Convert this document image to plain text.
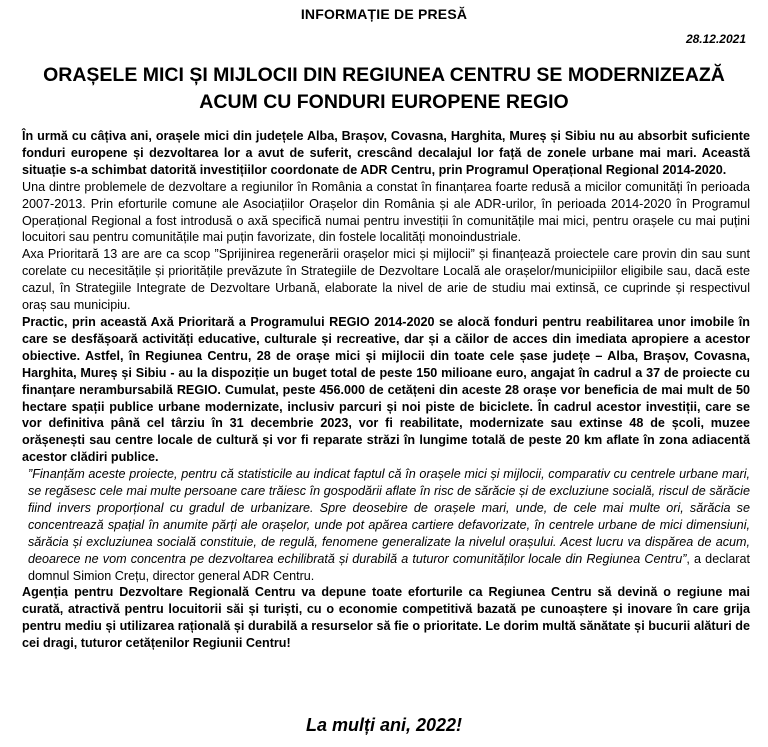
INFORMAȚIE DE PRESĂ
28.12.2021
ORAȘELE MICI ȘI MIJLOCII DIN REGIUNEA CENTRU SE MODERNIZEAZĂ
ACUM CU FONDURI EUROPENE REGIO

În urmă cu câțiva ani, orașele mici din județele Alba, Brașov, Covasna, Harghita, Mureș și Sibiu nu au absorbit suficiente fonduri europene și dezvoltarea lor a avut de suferit, crescând decalajul lor față de zonele urbane mai mari. Această situație s-a schimbat datorită investițiilor coordonate de ADR Centru, prin Programul Operațional Regional 2014-2020.

Una dintre problemele de dezvoltare a regiunilor în România a constat în finanțarea foarte redusă a micilor comunități în perioada 2007-2013. Prin eforturile comune ale Asociațiilor Orașelor din România și ale ADR-urilor, în perioada 2014-2020 în Programul Operațional Regional a fost introdusă o axă specifică numai pentru investiții în comunitățile mai mici, pentru orașele cu mai puțini locuitori sau pentru comunitățile mai puțin favorizate, din fostele localități monoindustriale.

Axa Prioritară 13 are are ca scop ”Sprijinirea regenerării orașelor mici și mijlocii” și finanțează proiectele care provin din sau sunt corelate cu necesitățile și prioritățile prevăzute în Strategiile de Dezvoltare Locală ale orașelor/municipiilor eligibile sau, dacă este cazul, în Strategiile Integrate de Dezvoltare Urbană, elaborate la nivel de arie de studiu mai extinsă, ce cuprinde și respectivul oraș sau municipiu.

Practic, prin această Axă Prioritară a Programului REGIO 2014-2020 se alocă fonduri pentru reabilitarea unor imobile în care se desfășoară activități educative, culturale și recreative, dar și a căilor de acces din imediata apropiere a acestor obiective. Astfel, în Regiunea Centru, 28 de orașe mici și mijlocii din toate cele șase județe – Alba, Brașov, Covasna, Harghita, Mureș și Sibiu - au la dispoziție un buget total de peste 150 milioane euro, angajat în cadrul a 37 de proiecte cu finanțare nerambursabilă REGIO. Cumulat, peste 456.000 de cetățeni din aceste 28 orașe vor beneficia de mai mult de 50 hectare spații publice urbane modernizate, inclusiv parcuri și noi piste de biciclete. În cadrul acestor investiții, care se vor definitiva până cel târziu în 31 decembrie 2023, vor fi reabilitate, modernizate sau extinse 48 de școli, muzee orășenești sau centre locale de cultură și vor fi reparate străzi în lungime totală de peste 20 km aflate în zona adiacentă acestor clădiri publice.

”Finanțăm aceste proiecte, pentru că statisticile au indicat faptul că în orașele mici și mijlocii, comparativ cu centrele urbane mari, se regăsesc cele mai multe persoane care trăiesc în gospodării aflate în risc de sărăcie și de excluziune socială, riscul de sărăcie fiind invers proporțional cu gradul de urbanizare. Spre deosebire de orașele mari, unde, de cele mai multe ori, sărăcia se concentrează spațial în anumite părți ale orașelor, unde pot apărea cartiere defavorizate, în centrele urbane de mici dimensiuni, sărăcia și excluziunea socială constituie, de regulă, fenomene generalizate la nivelul orașului. Acest lucru va dispărea de acum, deoarece ne vom concentra pe dezvoltarea echilibrată și durabilă a tuturor comunităților locale din Regiunea Centru”, a declarat domnul Simion Crețu, director general ADR Centru.

Agenția pentru Dezvoltare Regională Centru va depune toate eforturile ca Regiunea Centru să devină o regiune mai curată, atractivă pentru locuitorii săi și turiști, cu o economie competitivă bazată pe cunoaștere și inovare în care grija pentru mediu și utilizarea rațională și durabilă a resurselor să fie o prioritate. Le dorim multă sănătate și bucurii alături de cei dragi, tuturor cetățenilor Regiunii Centru!

La mulți ani, 2022!
